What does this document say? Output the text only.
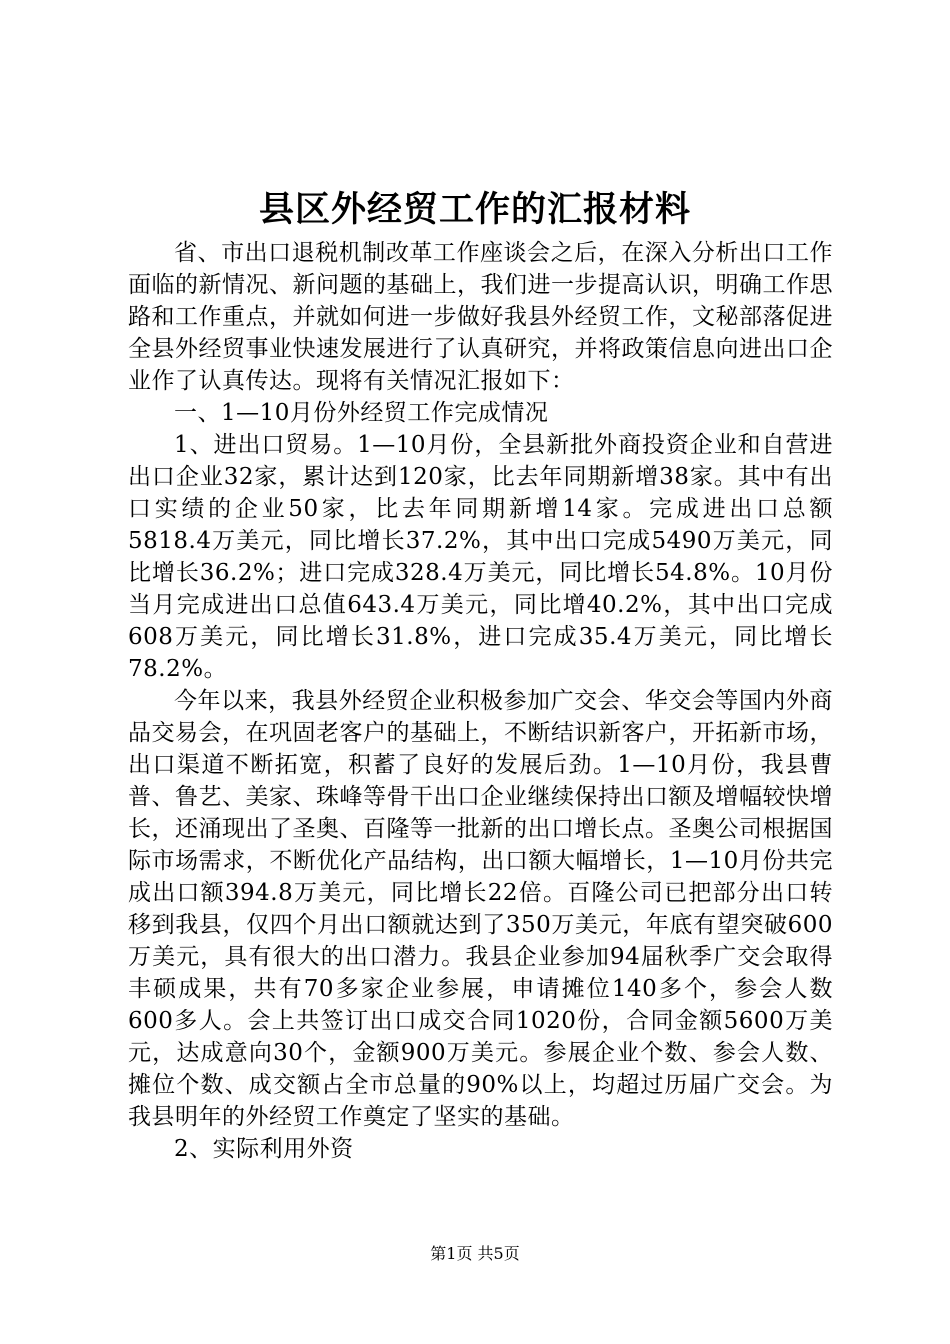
县区外经贸工作的汇报材料

省、市出口退税机制改革工作座谈会之后，在深入分析出口工作面临的新情况、新问题的基础上，我们进一步提高认识，明确工作思路和工作重点，并就如何进一步做好我县外经贸工作，文秘部落促进全县外经贸事业快速发展进行了认真研究，并将政策信息向进出口企业作了认真传达。现将有关情况汇报如下：

一、1—10月份外经贸工作完成情况

1、进出口贸易。1—10月份，全县新批外商投资企业和自营进出口企业32家，累计达到120家，比去年同期新增38家。其中有出口实绩的企业50家，比去年同期新增14家。完成进出口总额5818.4万美元，同比增长37.2%，其中出口完成5490万美元，同比增长36.2%；进口完成328.4万美元，同比增长54.8%。10月份当月完成进出口总值643.4万美元，同比增40.2%，其中出口完成608万美元，同比增长31.8%，进口完成35.4万美元，同比增长78.2%。

今年以来，我县外经贸企业积极参加广交会、华交会等国内外商品交易会，在巩固老客户的基础上，不断结识新客户，开拓新市场，出口渠道不断拓宽，积蓄了良好的发展后劲。1—10月份，我县曹普、鲁艺、美家、珠峰等骨干出口企业继续保持出口额及增幅较快增长，还涌现出了圣奥、百隆等一批新的出口增长点。圣奥公司根据国际市场需求，不断优化产品结构，出口额大幅增长，1—10月份共完成出口额394.8万美元，同比增长22倍。百隆公司已把部分出口转移到我县，仅四个月出口额就达到了350万美元，年底有望突破600万美元，具有很大的出口潜力。我县企业参加94届秋季广交会取得丰硕成果，共有70多家企业参展，申请摊位140多个，参会人数600多人。会上共签订出口成交合同1020份，合同金额5600万美元，达成意向30个，金额900万美元。参展企业个数、参会人数、摊位个数、成交额占全市总量的90%以上，均超过历届广交会。为我县明年的外经贸工作奠定了坚实的基础。

2、实际利用外资

第1页 共5页
